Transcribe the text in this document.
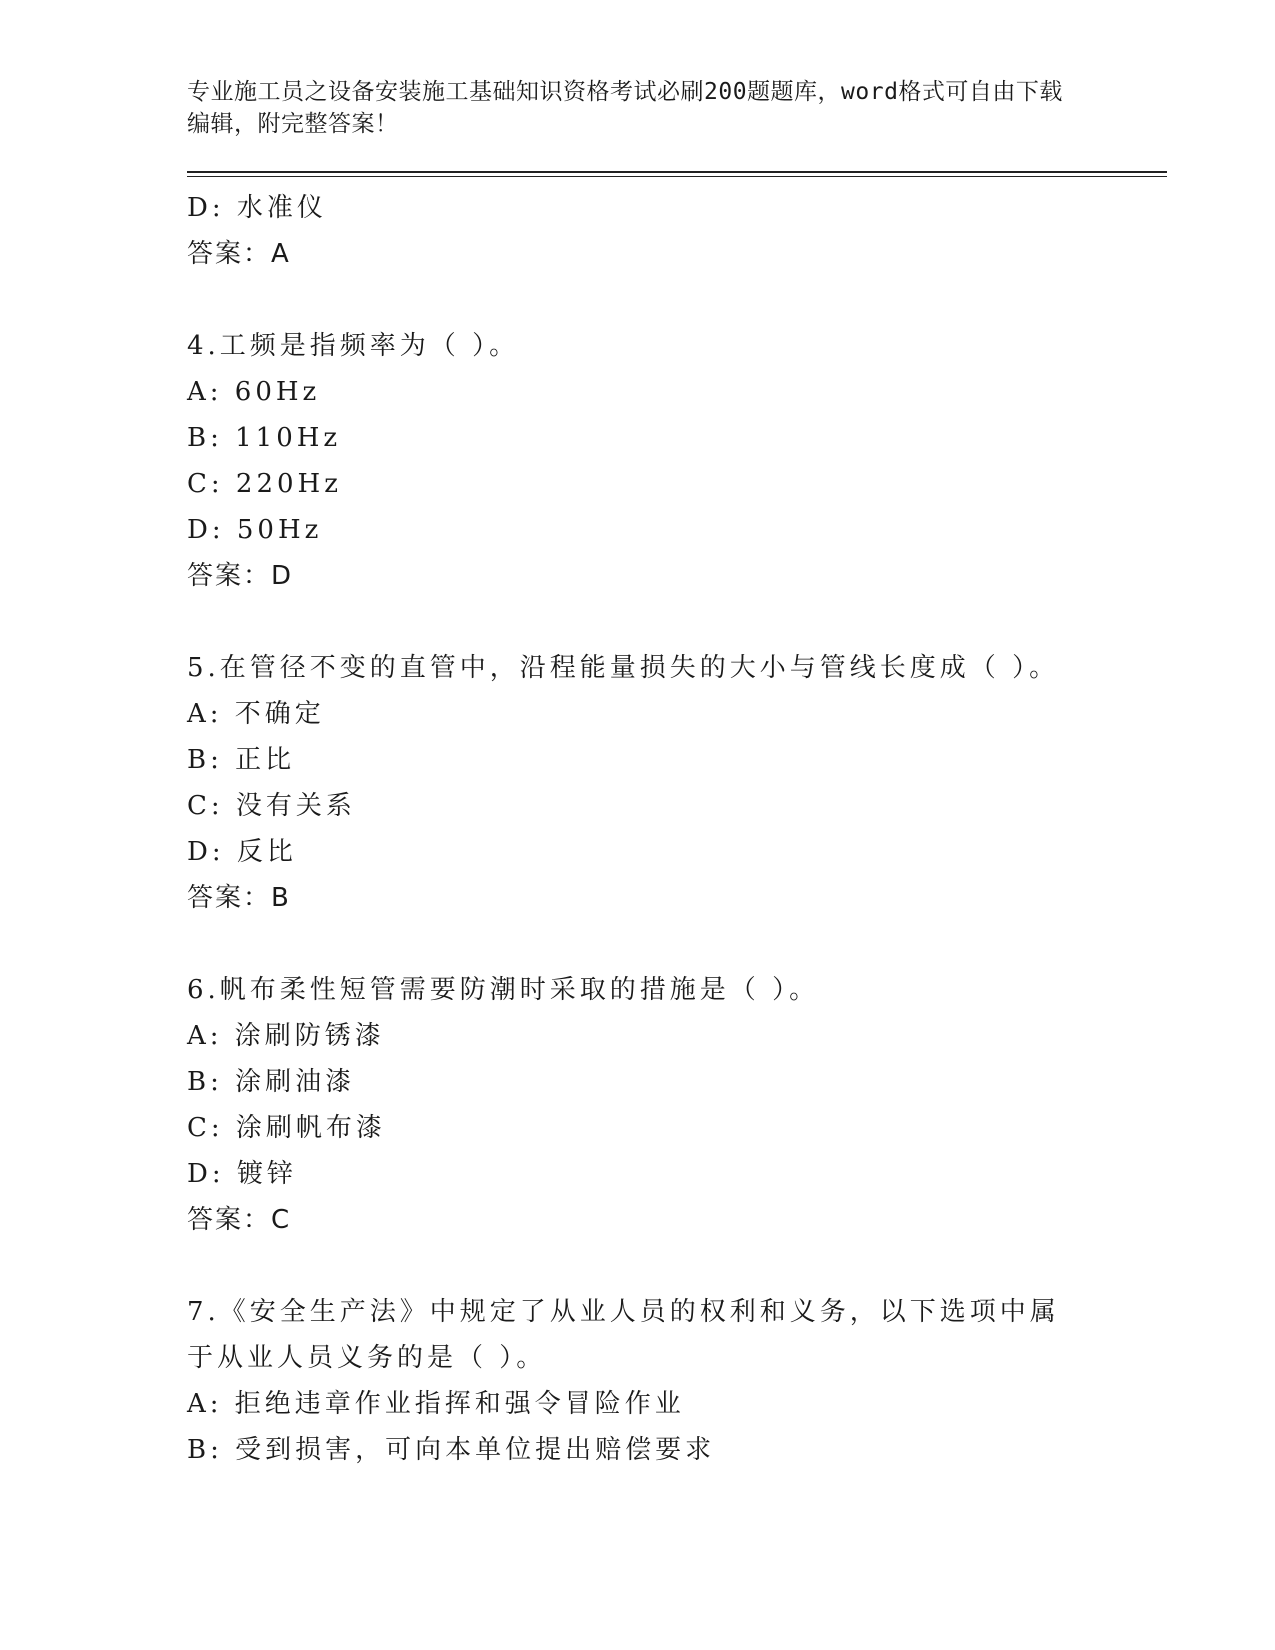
专业施工员之设备安装施工基础知识资格考试必刷200题题库，word格式可自由下载编辑，附完整答案！
D: 水准仪
答案：A
4.工频是指频率为（ ）。
A: 60Hz
B: 110Hz
C: 220Hz
D: 50Hz
答案：D
5.在管径不变的直管中，沿程能量损失的大小与管线长度成（ ）。
A: 不确定
B: 正比
C: 没有关系
D: 反比
答案：B
6.帆布柔性短管需要防潮时采取的措施是（ ）。
A: 涂刷防锈漆
B: 涂刷油漆
C: 涂刷帆布漆
D: 镀锌
答案：C
7.《安全生产法》中规定了从业人员的权利和义务，以下选项中属于从业人员义务的是（ ）。
A: 拒绝违章作业指挥和强令冒险作业
B: 受到损害，可向本单位提出赔偿要求
